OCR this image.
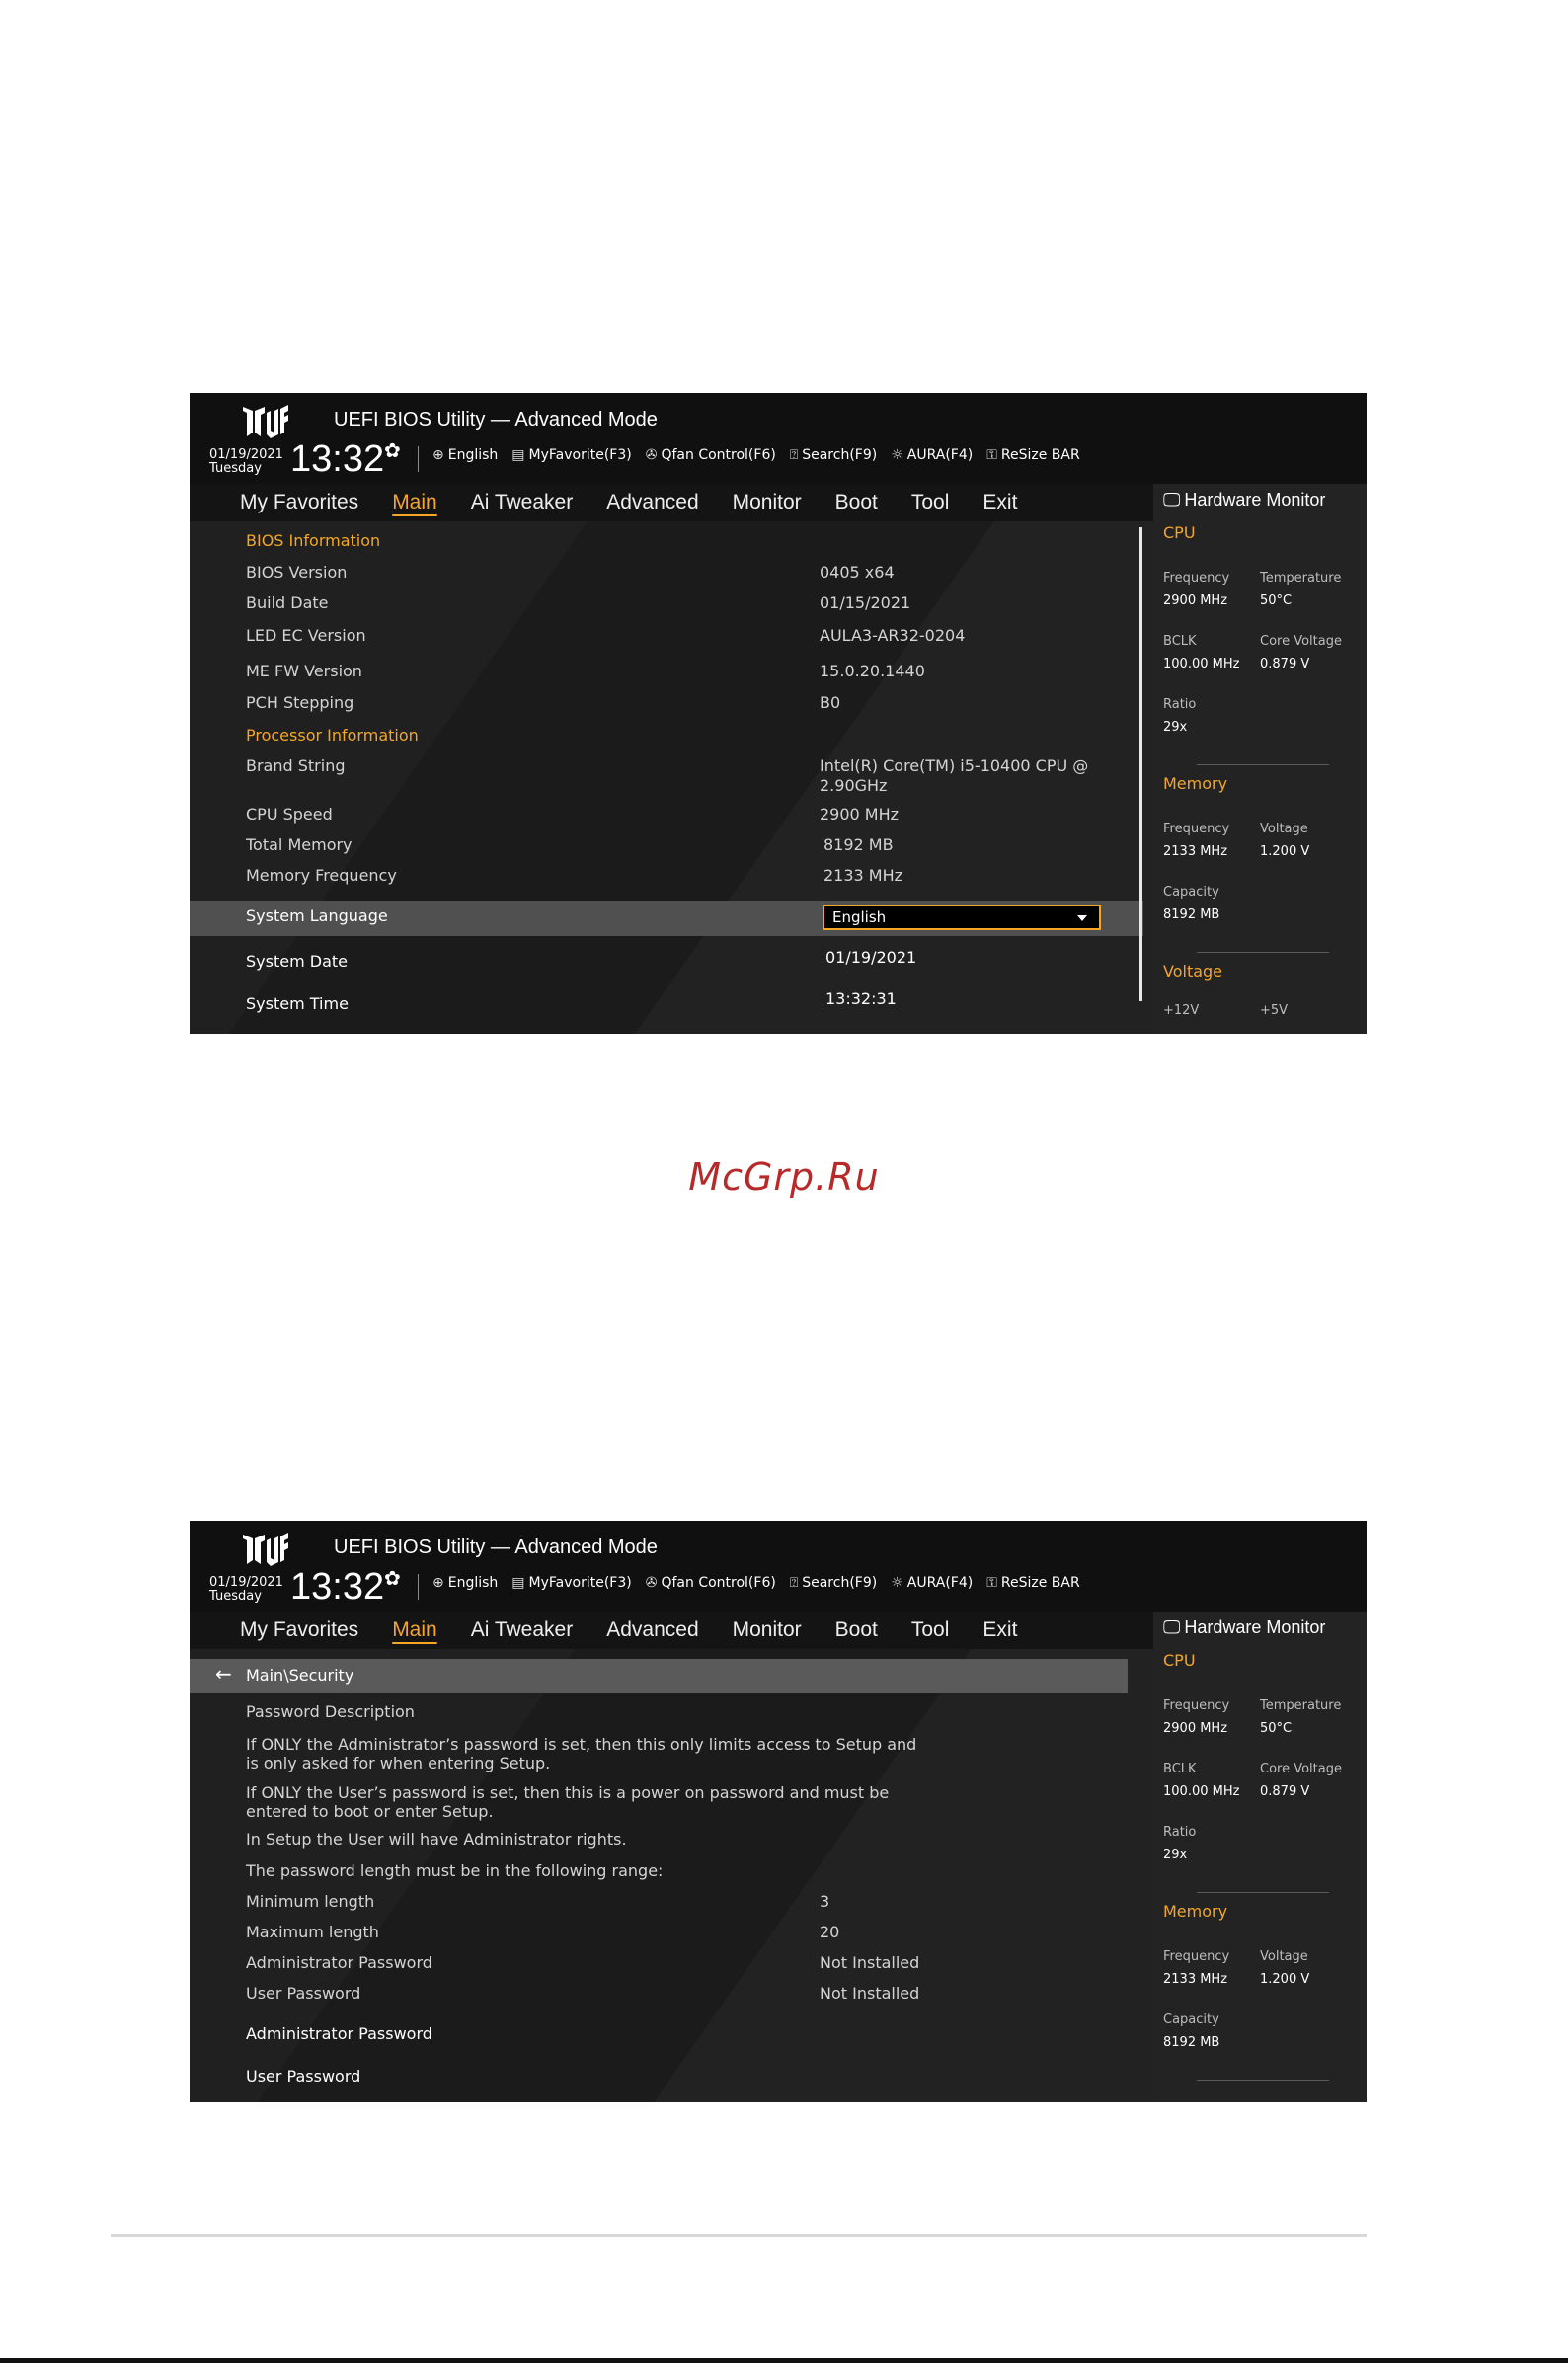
UEFI BIOS Utility — Advanced Mode
01/19/2021
Tuesday 13:32 ✿ ⊕ English ▤ MyFavorite(F3) ✇ Qfan Control(F6) ⍰ Search(F9) ☼ AURA(F4) ⚿ ReSize BAR
My Favorites Main Ai Tweaker Advanced Monitor Boot Tool Exit	🖵 Hardware Monitor
CPU
Frequency Temperature
2900 MHz	50°C
BCLK	Core Voltage
100.00 MHz 0.879 V
Ratio
29x
Memory
Frequency Voltage
2133 MHz	1.200 V
Capacity
8192 MB
Voltage
+12V	+5V
BIOS Information
BIOS Version	0405 x64
Build Date	01/15/2021
LED EC Version	AULA3-AR32-0204
ME FW Version	15.0.20.1440
PCH Stepping	B0
Processor Information
Brand String	Intel(R) Core(TM) i5-10400 CPU @
2.90GHz
CPU Speed	2900 MHz
Total Memory	8192 MB
Memory Frequency	2133 MHz
System Language	English
System Date	01/19/2021
System Time	13:32:31
McGrp.Ru
UEFI BIOS Utility — Advanced Mode
01/19/2021
Tuesday 13:32 ✿ ⊕ English ▤ MyFavorite(F3) ✇ Qfan Control(F6) ⍰ Search(F9) ☼ AURA(F4) ⚿ ReSize BAR
My Favorites Main Ai Tweaker Advanced Monitor Boot Tool Exit	🖵 Hardware Monitor
CPU
Frequency Temperature
2900 MHz	50°C
BCLK	Core Voltage
100.00 MHz 0.879 V
Ratio
29x
Memory
Frequency Voltage
2133 MHz	1.200 V
Capacity
8192 MB
← Main\Security
Password Description
If ONLY the Administrator’s password is set, then this only limits access to Setup and
is only asked for when entering Setup.
If ONLY the User’s password is set, then this is a power on password and must be
entered to boot or enter Setup.
In Setup the User will have Administrator rights.
The password length must be in the following range:
Minimum length	3
Maximum length	20
Administrator Password	Not Installed
User Password	Not Installed
Administrator Password
User Password
